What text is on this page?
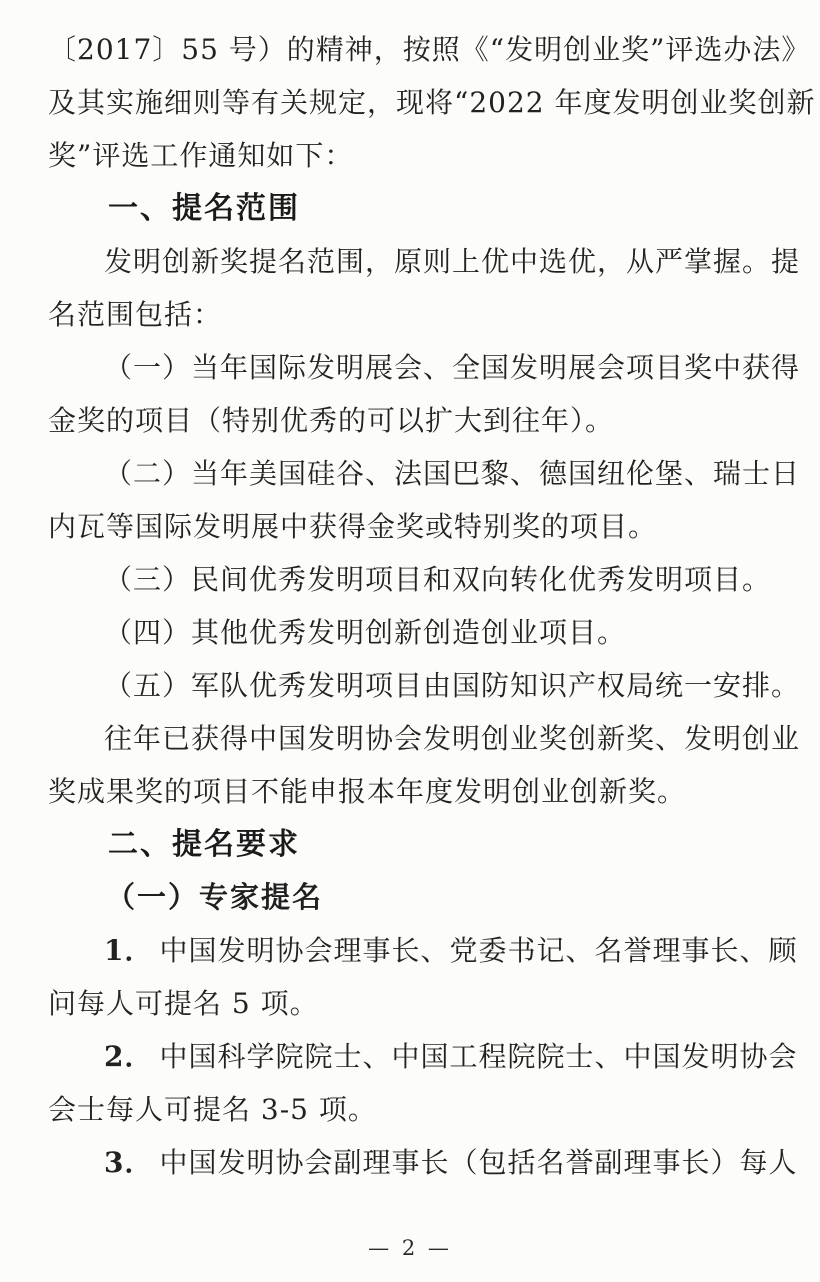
〔2017〕55 号）的精神，按照《“发明创业奖”评选办法》

及其实施细则等有关规定，现将“2022 年度发明创业奖创新

奖”评选工作通知如下：

一、提名范围

发明创新奖提名范围，原则上优中选优，从严掌握。提

名范围包括：

（一）当年国际发明展会、全国发明展会项目奖中获得

金奖的项目（特别优秀的可以扩大到往年）。

（二）当年美国硅谷、法国巴黎、德国纽伦堡、瑞士日

内瓦等国际发明展中获得金奖或特别奖的项目。

（三）民间优秀发明项目和双向转化优秀发明项目。

（四）其他优秀发明创新创造创业项目。

（五）军队优秀发明项目由国防知识产权局统一安排。

往年已获得中国发明协会发明创业奖创新奖、发明创业

奖成果奖的项目不能申报本年度发明创业创新奖。

二、提名要求

（一）专家提名

1． 中国发明协会理事长、党委书记、名誉理事长、顾

问每人可提名 5 项。

2． 中国科学院院士、中国工程院院士、中国发明协会

会士每人可提名 3-5 项。

3． 中国发明协会副理事长（包括名誉副理事长）每人

— 2 —
